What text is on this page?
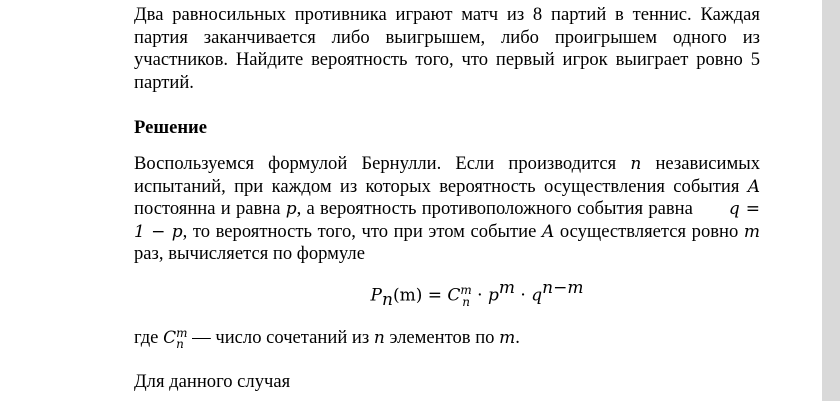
Два равносильных противника играют матч из 8 партий в теннис. Каждая партия заканчивается либо выигрышем, либо проигрышем одного из участников. Найдите вероятность того, что первый игрок выиграет ровно 5 партий.

Решение

Воспользуемся формулой Бернулли. Если производится n независимых испытаний, при каждом из которых вероятность осуществления события A постоянна и равна p, а вероятность противоположного события равна q = 1 − p, то вероятность того, что при этом событие A осуществляется ровно m раз, вычисляется по формуле

$P_n(m) = C$ m
$n \cdot p^m \cdot q^{n-m}$

где C m
n — число сочетаний из n элементов по m.

Для данного случая
